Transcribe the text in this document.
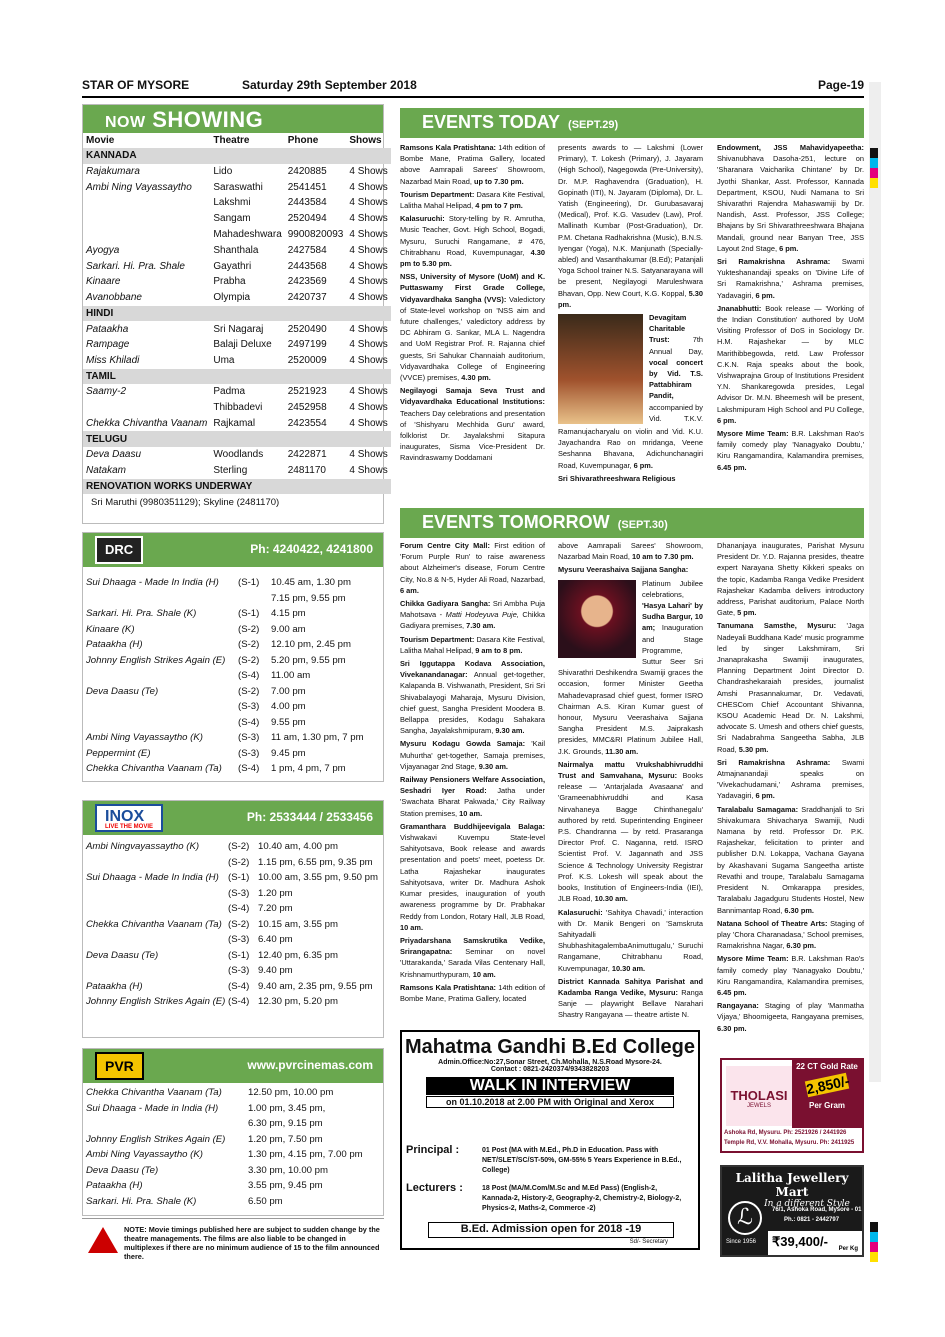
STAR OF MYSORE	Saturday 29th September 2018	Page-19
NOW SHOWING
Movie	Theatre	Phone	Shows
KANNADA			
Rajakumara	Lido	2420885	4 Shows
Ambi Ning Vayassaytho	Saraswathi	2541451	4 Shows
	Lakshmi	2443584	4 Shows
	Sangam	2520494	4 Shows
	Mahadeshwara	9900820093	4 Shows
Ayogya	Shanthala	2427584	4 Shows
Sarkari. Hi. Pra. Shale	Gayathri	2443568	4 Shows
Kinaare	Prabha	2423569	4 Shows
Avanobbane	Olympia	2420737	4 Shows
HINDI			
Pataakha	Sri Nagaraj	2520490	4 Shows
Rampage	Balaji Deluxe	2497199	4 Shows
Miss Khiladi	Uma	2520009	4 Shows
TAMIL			
Saamy-2	Padma	2521923	4 Shows
	Thibbadevi	2452958	4 Shows
Chekka Chivantha Vaanam	Rajkamal	2423554	4 Shows
TELUGU			
Deva Daasu	Woodlands	2422871	4 Shows
Natakam	Sterling	2481170	4 Shows
RENOVATION WORKS UNDERWAY			
Sri Maruthi (9980351129); Skyline (2481170)
DRC	Ph: 4240422, 4241800
Sui Dhaaga - Made In India (H) (S-1) 10.45 am, 1.30 pm
7.15 pm, 9.55 pm
Sarkari. Hi. Pra. Shale (K)	(S-1) 4.15 pm
Kinaare (K)	(S-2) 9.00 am
Pataakha (H)	(S-2) 12.10 pm, 2.45 pm
Johnny English Strikes Again (E) (S-2) 5.20 pm, 9.55 pm
(S-4) 11.00 am
Deva Daasu (Te)	(S-2) 7.00 pm
(S-3) 4.00 pm
(S-4) 9.55 pm
Ambi Ning Vayassaytho (K)	(S-3) 11 am, 1.30 pm, 7 pm
Peppermint (E)	(S-3) 9.45 pm
Chekka Chivantha Vaanam (Ta) (S-4) 1 pm, 4 pm, 7 pm
INOX
LIVE THE MOVIE
Ph: 2533444 / 2533456
Ambi Ningvayassaytho (K)	(S-2) 10.40 am, 4.00 pm
(S-2) 1.15 pm, 6.55 pm, 9.35 pm
Sui Dhaaga - Made In India (H) (S-1) 10.00 am, 3.55 pm, 9.50 pm
(S-3) 1.20 pm
(S-4) 7.20 pm
Chekka Chivantha Vaanam (Ta) (S-2) 10.15 am, 3.55 pm
(S-3) 6.40 pm
Deva Daasu (Te)	(S-1) 12.40 pm, 6.35 pm
(S-3) 9.40 pm
Pataakha (H)	(S-4) 9.40 am, 2.35 pm, 9.55 pm
Johnny English Strikes Again (E) (S-4) 12.30 pm, 5.20 pm
PVR	www.pvrcinemas.com
Chekka Chivantha Vaanam (Ta)	12.50 pm, 10.00 pm
Sui Dhaaga - Made in India (H)	1.00 pm, 3.45 pm,
6.30 pm, 9.15 pm
Johnny English Strikes Again (E) 1.20 pm, 7.50 pm
Ambi Ning Vayassaytho (K)	1.30 pm, 4.15 pm, 7.00 pm
Deva Daasu (Te)	3.30 pm, 10.00 pm
Pataakha (H)	3.55 pm, 9.45 pm
Sarkari. Hi. Pra. Shale (K)	6.50 pm
NOTE: Movie timings published here are subject to sudden change by the theatre managements. The films are also liable to be changed in multiplexes if there are no minimum audience of 15 to the film announced there.
EVENTS TODAY (SEPT.29)

Ramsons Kala Pratishtana: 14th edition of Bombe Mane, Pratima Gallery, located above Aamrapali Sarees' Showroom, Nazarbad Main Road, up to 7.30 pm.

Tourism Department: Dasara Kite Festival, Lalitha Mahal Helipad, 4 pm to 7 pm.

Kalasuruchi: Story-telling by R. Amrutha, Music Teacher, Govt. High School, Bogadi, Mysuru, Suruchi Rangamane, # 476, Chitrabhanu Road, Kuvempunagar, 4.30 pm to 5.30 pm.

NSS, University of Mysore (UoM) and K. Puttaswamy First Grade College, Vidyavardhaka Sangha (VVS): Valedictory of State-level workshop on 'NSS aim and future challenges,' valedictory address by DC Abhiram G. Sankar, MLA L. Nagendra and UoM Registrar Prof. R. Rajanna chief guests, Sri Sahukar Channaiah auditorium, Vidyavardhaka College of Engineering (VVCE) premises, 4.30 pm.

Negilayogi Samaja Seva Trust and Vidyavardhaka Educational Institutions: Teachers Day celebrations and presentation of 'Shishyaru Mechhida Guru' award, folklorist Dr. Jayalakshmi Sitapura inaugurates, Sisma Vice-President Dr. Ravindraswamy Doddamani

presents awards to — Lakshmi (Lower Primary), T. Lokesh (Primary), J. Jayaram (High School), Nagegowda (Pre-University), Dr. M.P. Raghavendra (Graduation), H. Gopinath (ITI), N. Jayaram (Diploma), Dr. L. Yatish (Engineering), Dr. Gurubasavaraj (Medical), Prof. K.G. Vasudev (Law), Prof. Mallinath Kumbar (Post-Graduation), Dr. P.M. Chetana Radhakrishna (Music), B.N.S. Iyengar (Yoga), N.K. Manjunath (Specially-abled) and Vasanthakumar (B.Ed); Patanjali Yoga School trainer N.S. Satyanarayana will be present, Negilayogi Maruleshwara Bhavan, Opp. New Court, K.G. Koppal, 5.30 pm.

Devagitam Charitable Trust: 7th Annual Day, vocal concert by Vid. T.S. Pattabhiram Pandit, accompanied by Vid. T.K.V. Ramanujacharyalu on violin and Vid. K.U. Jayachandra Rao on mridanga, Veene Seshanna Bhavana, Adichunchanagiri Road, Kuvempunagar, 6 pm.

Sri Shivarathreeshwara Religious

Endowment, JSS Mahavidyapeetha: Shivanubhava Dasoha-251, lecture on 'Sharanara Vaicharika Chintane' by Dr. Jyothi Shankar, Asst. Professor, Kannada Department, KSOU, Nudi Namana to Sri Shivarathri Rajendra Mahaswamiji by Dr. Nandish, Asst. Professor, JSS College; Bhajans by Sri Shivarathreeshwara Bhajana Mandali, ground near Banyan Tree, JSS Layout 2nd Stage, 6 pm.

Sri Ramakrishna Ashrama: Swami Yukteshanandaji speaks on 'Divine Life of Sri Ramakrishna,' Ashrama premises, Yadavagiri, 6 pm.

Jnanabhutti: Book release — 'Working of the Indian Constitution' authored by UoM Visiting Professor of DoS in Sociology Dr. H.M. Rajashekar — by MLC Marithibbegowda, retd. Law Professor C.K.N. Raja speaks about the book, Vishwaprajna Group of Institutions President Y.N. Shankaregowda presides, Legal Advisor Dr. M.N. Bheemesh will be present, Lakshmipuram High School and PU College, 6 pm.

Mysore Mime Team: B.R. Lakshman Rao's family comedy play 'Nanagyako Doubtu,' Kiru Rangamandira, Kalamandira premises, 6.45 pm.

EVENTS TOMORROW (SEPT.30)

Forum Centre City Mall: First edition of 'Forum Purple Run' to raise awareness about Alzheimer's disease, Forum Centre City, No.8 & N-5, Hyder Ali Road, Nazarbad, 6 am.

Chikka Gadiyara Sangha: Sri Ambha Puja Mahotsava - Matti Hodeyuva Puje, Chikka Gadiyara premises, 7.30 am.

Tourism Department: Dasara Kite Festival, Lalitha Mahal Helipad, 9 am to 8 pm.

Sri Iggutappa Kodava Association, Vivekanandanagar: Annual get-together, Kalapanda B. Vishwanath, President, Sri Sri Shivabalayogi Maharaja, Mysuru Division, chief guest, Sangha President Moodera B. Bellappa presides, Kodagu Sahakara Sangha, Jayalakshmipuram, 9.30 am.

Mysuru Kodagu Gowda Samaja: 'Kail Muhurtha' get-together, Samaja premises, Vijayanagar 2nd Stage, 9.30 am.

Railway Pensioners Welfare Association, Seshadri Iyer Road: Jatha under 'Swachata Bharat Pakwada,' City Railway Station premises, 10 am.

Gramanthara Buddhijeevigala Balaga: Vishwakavi Kuvempu State-level Sahityotsava, Book release and awards presentation and poets' meet, poetess Dr. Latha Rajashekar inaugurates Sahityotsava, writer Dr. Madhura Ashok Kumar presides, inauguration of youth awareness programme by Dr. Prabhakar Reddy from London, Rotary Hall, JLB Road, 10 am.

Priyadarshana Samskrutika Vedike, Srirangapatna: Seminar on novel 'Uttarakanda,' Sarada Vilas Centenary Hall, Krishnamurthypuram, 10 am.

Ramsons Kala Pratishtana: 14th edition of Bombe Mane, Pratima Gallery, located

above Aamrapali Sarees' Showroom, Nazarbad Main Road, 10 am to 7.30 pm.

Mysuru Veerashaiva Sajjana Sangha:

Platinum Jubilee celebrations, 'Hasya Lahari' by Sudha Bargur, 10 am; Inauguration and Stage Programme, Suttur Seer Sri Shivarathri Deshikendra Swamiji graces the occasion, former Minister Geetha Mahadevaprasad chief guest, former ISRO Chairman A.S. Kiran Kumar guest of honour, Mysuru Veerashaiva Sajjana Sangha President M.S. Jaiprakash presides, MMC&RI Platinum Jubilee Hall, J.K. Grounds, 11.30 am.

Nairmalya mattu Vrukshabhivruddhi Trust and Samvahana, Mysuru: Books release — 'Antarjalada Avasaana' and 'Grameenabhivruddhi and Kasa Nirvahaneya Bagge Chinthanegalu' authored by retd. Superintending Engineer P.S. Chandranna — by retd. Prasaranga Director Prof. C. Naganna, retd. ISRO Scientist Prof. V. Jagannath and JSS Science & Technology University Registrar Prof. K.S. Lokesh will speak about the books, Institution of Engineers-India (IEI), JLB Road, 10.30 am.

Kalasuruchi: 'Sahitya Chavadi,' interaction with Dr. Manik Bengeri on 'Samskruta Sahityadalli ShubhashitagalembaAnimuttugalu,' Suruchi Rangamane, Chitrabhanu Road, Kuvempunagar, 10.30 am.

District Kannada Sahitya Parishat and Kadamba Ranga Vedike, Mysuru: Ranga Sanje — playwright Bellave Narahari Shastry Rangayana — theatre artiste N.

Dhananjaya inaugurates, Parishat Mysuru President Dr. Y.D. Rajanna presides, theatre expert Narayana Shetty Kikkeri speaks on the topic, Kadamba Ranga Vedike President Rajashekar Kadamba delivers introductory address, Parishat auditorium, Palace North Gate, 5 pm.

Tanumana Samsthe, Mysuru: 'Jaga Nadeyali Buddhana Kade' music programme led by singer Lakshmiram, Sri Jnanaprakasha Swamiji inaugurates, Planning Department Joint Director D. Chandrashekaraiah presides, journalist Amshi Prasannakumar, Dr. Vedavati, CHESCom Chief Accountant Shivanna, KSOU Academic Head Dr. N. Lakshmi, advocate S. Umesh and others chief guests, Sri Nadabrahma Sangeetha Sabha, JLB Road, 5.30 pm.

Sri Ramakrishna Ashrama: Swami Atmajnanandaji speaks on 'Vivekachudamani,' Ashrama premises, Yadavagiri, 6 pm.

Taralabalu Samagama: Sraddhanjali to Sri Shivakumara Shivacharya Swamiji, Nudi Namana by retd. Professor Dr. P.K. Rajashekar, felicitation to printer and publisher D.N. Lokappa, Vachana Gayana by Akashavani Sugama Sangeetha artiste Revathi and troupe, Taralabalu Samagama President N. Omkarappa presides, Taralabalu Jagadguru Students Hostel, New Bannimantap Road, 6.30 pm.

Natana School of Theatre Arts: Staging of play 'Chora Charanadasa,' School premises, Ramakrishna Nagar, 6.30 pm.

Mysore Mime Team: B.R. Lakshman Rao's family comedy play 'Nanagyako Doubtu,' Kiru Rangamandira, Kalamandira premises, 6.45 pm.

Rangayana: Staging of play 'Manmatha Vijaya,' Bhoomigeeta, Rangayana premises, 6.30 pm.

Mahatma Gandhi B.Ed College
Admin.Office:No:27,Sonar Street, Ch.Mohalla, N.S.Road Mysore-24.
Contact : 0821-2420374/9343828203
WALK IN INTERVIEW
on 01.10.2018 at 2.00 PM with Original and Xerox
Principal :	01 Post (MA with M.Ed., Ph.D in Education. Pass with NET/SLET/SC/ST-50%, GM-55% 5 Years Experience in B.Ed., College)
Lecturers :	18 Post (MA/M.Com/M.Sc and M.Ed Pass) (English-2, Kannada-2, History-2, Geography-2, Chemistry-2, Biology-2, Physics-2, Maths-2, Commerce -2)
B.Ed. Admission open for 2018 -19
Sd/- Secretary
THOLASI
JEWELS
22 CT Gold Rate
2,850/-
Per Gram
Ashoka Rd, Mysuru. Ph: 2521926 / 2441926
Temple Rd, V.V. Mohalla, Mysuru. Ph: 2411925
Lalitha Jewellery Mart
In a different Style
ℒ	76/1, Ashoka Road, Mysore - 01
Ph.: 0821 - 2442797
Since 1956	₹39,400/-	Per Kg
